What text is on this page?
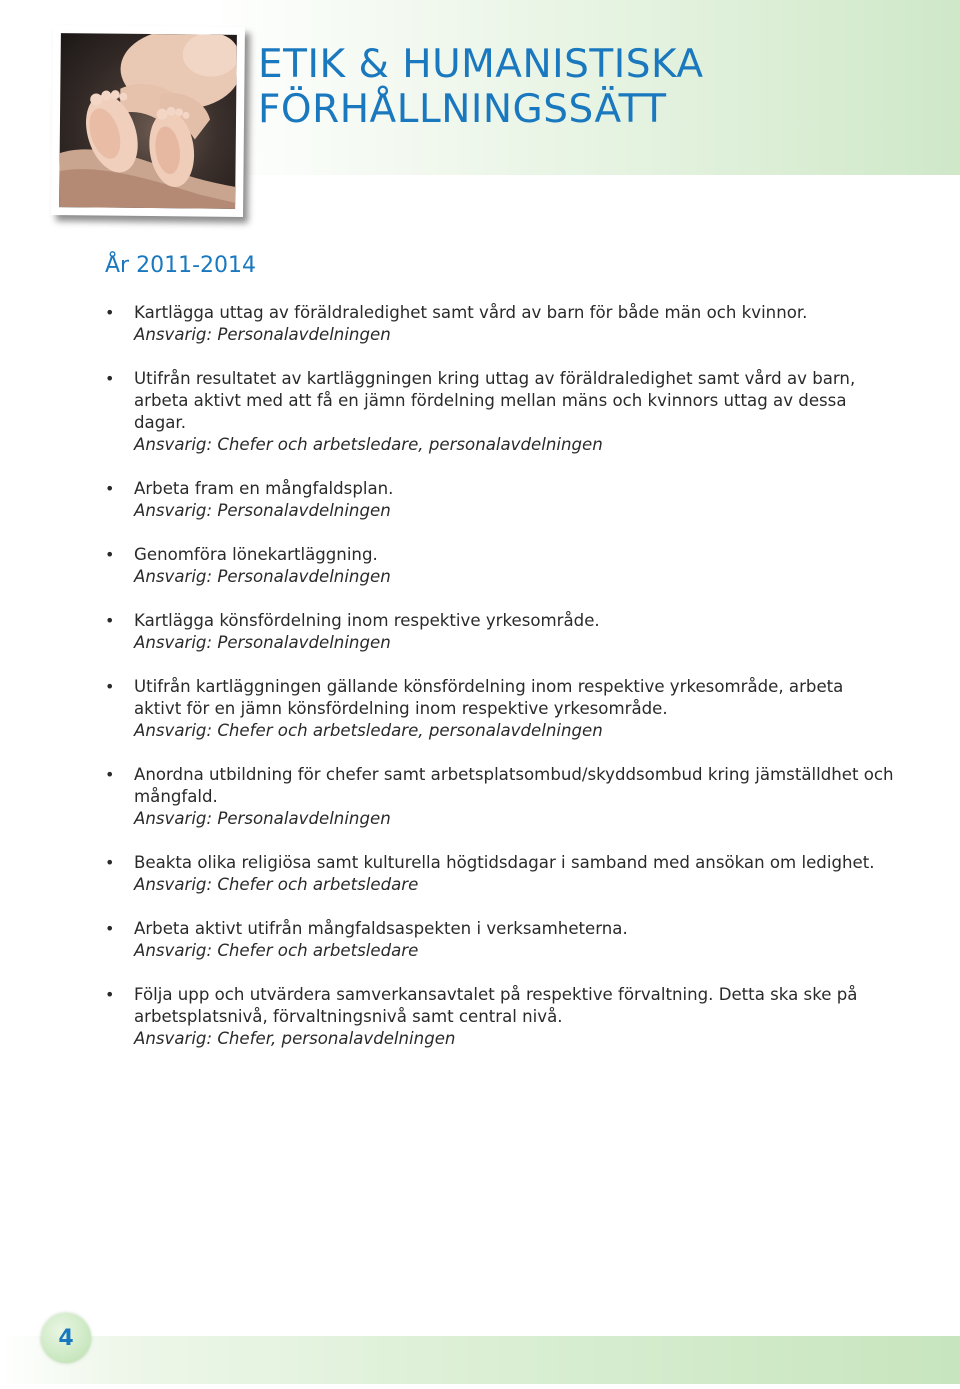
ETIK & HUMANISTISKA
FÖRHÅLLNINGSSÄTT
År 2011-2014
• Kartlägga uttag av föräldraledighet samt vård av barn för både män och kvinnor.
Ansvarig: Personalavdelningen
• Utifrån resultatet av kartläggningen kring uttag av föräldraledighet samt vård av barn, arbeta aktivt med att få en jämn fördelning mellan mäns och kvinnors uttag av dessa dagar.
Ansvarig: Chefer och arbetsledare, personalavdelningen
• Arbeta fram en mångfaldsplan.
Ansvarig: Personalavdelningen
• Genomföra lönekartläggning.
Ansvarig: Personalavdelningen
• Kartlägga könsfördelning inom respektive yrkesområde.
Ansvarig: Personalavdelningen
• Utifrån kartläggningen gällande könsfördelning inom respektive yrkesområde, arbeta aktivt för en jämn könsfördelning inom respektive yrkesområde.
Ansvarig: Chefer och arbetsledare, personalavdelningen
• Anordna utbildning för chefer samt arbetsplatsombud/skyddsombud kring jämställdhet och mångfald.
Ansvarig: Personalavdelningen
• Beakta olika religiösa samt kulturella högtidsdagar i samband med ansökan om ledighet.
Ansvarig: Chefer och arbetsledare
• Arbeta aktivt utifrån mångfaldsaspekten i verksamheterna.
Ansvarig: Chefer och arbetsledare
• Följa upp och utvärdera samverkansavtalet på respektive förvaltning. Detta ska ske på arbetsplatsnivå, förvaltningsnivå samt central nivå.
Ansvarig: Chefer, personalavdelningen
4
